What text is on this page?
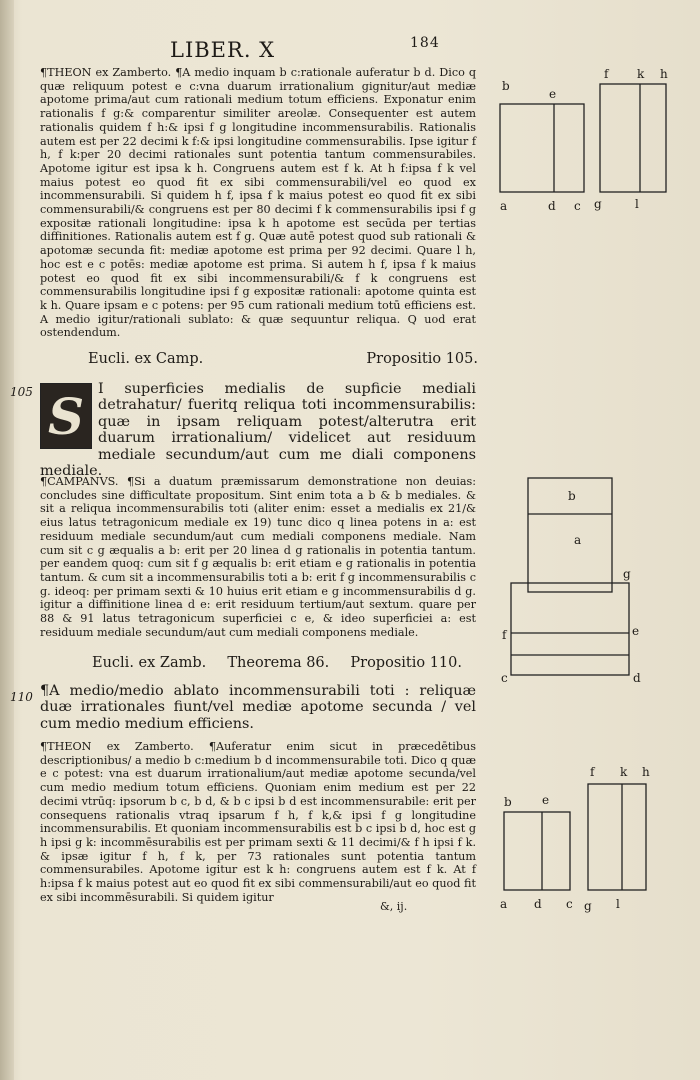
LIBER. X	184

¶THEON ex Zamberto. ¶A medio inquam b c:rationale auferatur b d. Dico q quæ reliquum potest e c:vna duarum irrationalium gignitur/aut mediæ apotome prima/aut cum rationali medium totum efficiens. Exponatur enim rationalis f g:& comparentur similiter areolæ. Consequenter est autem rationalis quidem f h:& ipsi f g longitudine incommensurabilis. Rationalis autem est per 22 decimi k f:& ipsi longitudine commensurabilis. Ipse igitur f h, f k:per 20 decimi rationales sunt potentia tantum commensurabiles. Apotome igitur est ipsa k h. Congruens autem est f k. At h f:ipsa f k vel maius potest eo quod fit ex sibi commensurabili/vel eo quod ex incommensurabili. Si quidem h f, ipsa f k maius potest eo quod fit ex sibi commensurabili/& congruens est per 80 decimi f k commensurabilis ipsi f g expositæ rationali longitudine: ipsa k h apotome est secūda per tertias diffinitiones. Rationalis autem est f g. Quæ autē potest quod sub rationali & apotomæ secunda fit: mediæ apotome est prima per 92 decimi. Quare l h, hoc est e c potēs: mediæ apotome est prima. Si autem h f, ipsa f k maius potest eo quod fit ex sibi incommensurabili/& f k congruens est commensurabilis longitudine ipsi f g expositæ rationali: apotome quinta est k h. Quare ipsam e c potens: per 95 cum rationali medium totū efficiens est. A medio igitur/rationali sublato: & quæ sequuntur reliqua. Q uod erat ostendendum.

Eucli. ex Camp.	Propositio 105.
105 S I superficies medialis de supficie mediali detrahatur/ fueritq reliqua toti incommensurabilis: quæ in ipsam reliquam potest/alterutra erit duarum irrationalium/ videlicet aut residuum mediale secundum/aut cum me diali componens mediale.

¶CAMPANVS. ¶Si a duatum præmissarum demonstratione non deuias: concludes sine difficultate propositum. Sint enim tota a b & b mediales. & sit a reliqua incommensurabilis toti (aliter enim: esset a medialis ex 21/& eius latus tetragonicum mediale ex 19) tunc dico q linea potens in a: est residuum mediale secundum/aut cum mediali componens mediale. Nam cum sit c g æqualis a b: erit per 20 linea d g rationalis in potentia tantum. per eandem quoq: cum sit f g æqualis b: erit etiam e g rationalis in potentia tantum. & cum sit a incommensurabilis toti a b: erit f g incommensurabilis c g. ideoq: per primam sexti & 10 huius erit etiam e g incommensurabilis d g. igitur a diffinitione linea d e: erit residuum tertium/aut sextum. quare per 88 & 91 latus tetragonicum superficiei c e, & ideo superficiei a: est residuum mediale secundum/aut cum mediali componens mediale.

Eucli. ex Zamb. Theorema 86. Propositio 110.
110 ¶A medio/medio ablato incommensurabili toti : reliquæ duæ irrationales fiunt/vel mediæ apotome secunda / vel cum medio medium efficiens.

¶THEON ex Zamberto. ¶Auferatur enim sicut in præcedētibus descriptionibus/ a medio b c:medium b d incommensurabile toti. Dico q quæ e c potest: vna est duarum irrationalium/aut mediæ apotome secunda/vel cum medio medium totum efficiens. Quoniam enim medium est per 22 decimi vtrūq: ipsorum b c, b d, & b c ipsi b d est incommensurabile: erit per consequens rationalis vtraq ipsarum f h, f k,& ipsi f g longitudine incommensurabilis. Et quoniam incommensurabilis est b c ipsi b d, hoc est g h ipsi g k: incommēsurabilis est per primam sexti & 11 decimi/& f h ipsi f k. & ipsæ igitur f h, f k, per 73 rationales sunt potentia tantum commensurabiles. Apotome igitur est k h: congruens autem est f k. At f h:ipsa f k maius potest aut eo quod fit ex sibi commensurabili/aut eo quod fit ex sibi incommēsurabili. Si quidem igitur

&, ij.
b
e
a	d c
f k h
g	l
b
a
g
f	e
c	d
b	e
a d c
f k h
g l
